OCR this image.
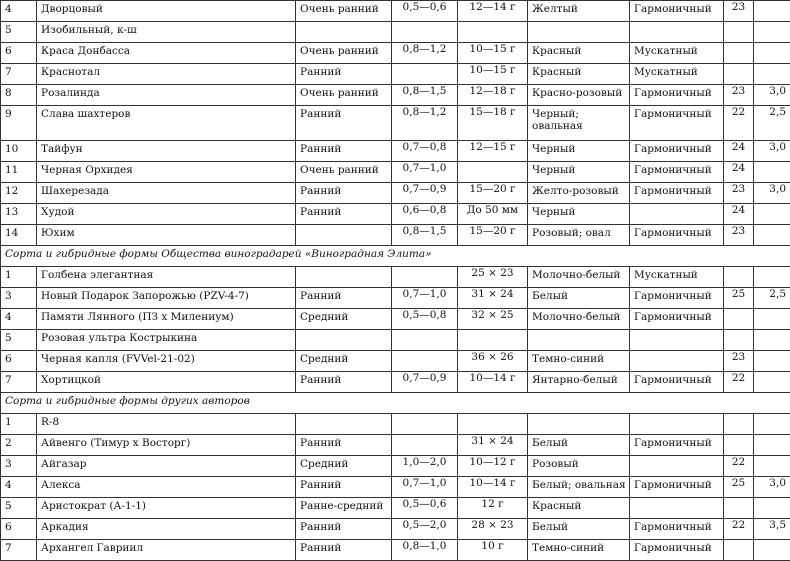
4	Дворцовый	Очень ранний	0,5—0,6	12—14 г	Желтый	Гармоничный	23	
5	Изобильный, к-ш							
6	Краса Донбасса	Очень ранний	0,8—1,2	10—15 г	Красный	Мускатный		
7	Краснотал	Ранний		10—15 г	Красный	Мускатный		
8	Розалинда	Очень ранний	0,8—1,5	12—18 г	Красно-розовый	Гармоничный	23	3,0
9	Слава шахтеров	Ранний	0,8—1,2	15—18 г	Черный; овальная	Гармоничный	22	2,5
10	Тайфун	Ранний	0,7—0,8	12—15 г	Черный	Гармоничный	24	3,0
11	Черная Орхидея	Очень ранний	0,7—1,0		Черный	Гармоничный	24	
12	Шахерезада	Ранний	0,7—0,9	15—20 г	Желто-розовый	Гармоничный	23	3,0
13	Худой	Ранний	0,6—0,8	До 50 мм	Черный		24	
14	Юхим		0,8—1,5	15—20 г	Розовый; овал	Гармоничный	23	
Сорта и гибридные формы Общества виноградарей «Виноградная Элита»								
1	Голбена элегантная			25 × 23	Молочно-белый	Мускатный		
3	Новый Подарок Запорожью (PZV-4-7)	Ранний	0,7—1,0	31 × 24	Белый	Гармоничный	25	2,5
4	Памяти Лянного (ПЗ х Милениум)	Средний	0,5—0,8	32 × 25	Молочно-белый	Гармоничный		
5	Розовая ультра Кострыкина							
6	Черная капля (FVVel-21-02)	Средний		36 × 26	Темно-синий		23	
7	Хортицкой	Ранний	0,7—0,9	10—14 г	Янтарно-белый	Гармоничный	22	
Сорта и гибридные формы других авторов								
1	R-8							
2	Айвенго (Тимур х Восторг)	Ранний		31 × 24	Белый	Гармоничный		
3	Айгазар	Средний	1,0—2,0	10—12 г	Розовый		22	
4	Алекса	Ранний	0,7—1,0	10—14 г	Белый; овальная	Гармоничный	25	3,0
5	Аристократ (А-1-1)	Ранне-средний	0,5—0,6	12 г	Красный			
6	Аркадия	Ранний	0,5—2,0	28 × 23	Белый	Гармоничный	22	3,5
7	Архангел Гавриил	Ранний	0,8—1,0	10 г	Темно-синий	Гармоничный		
